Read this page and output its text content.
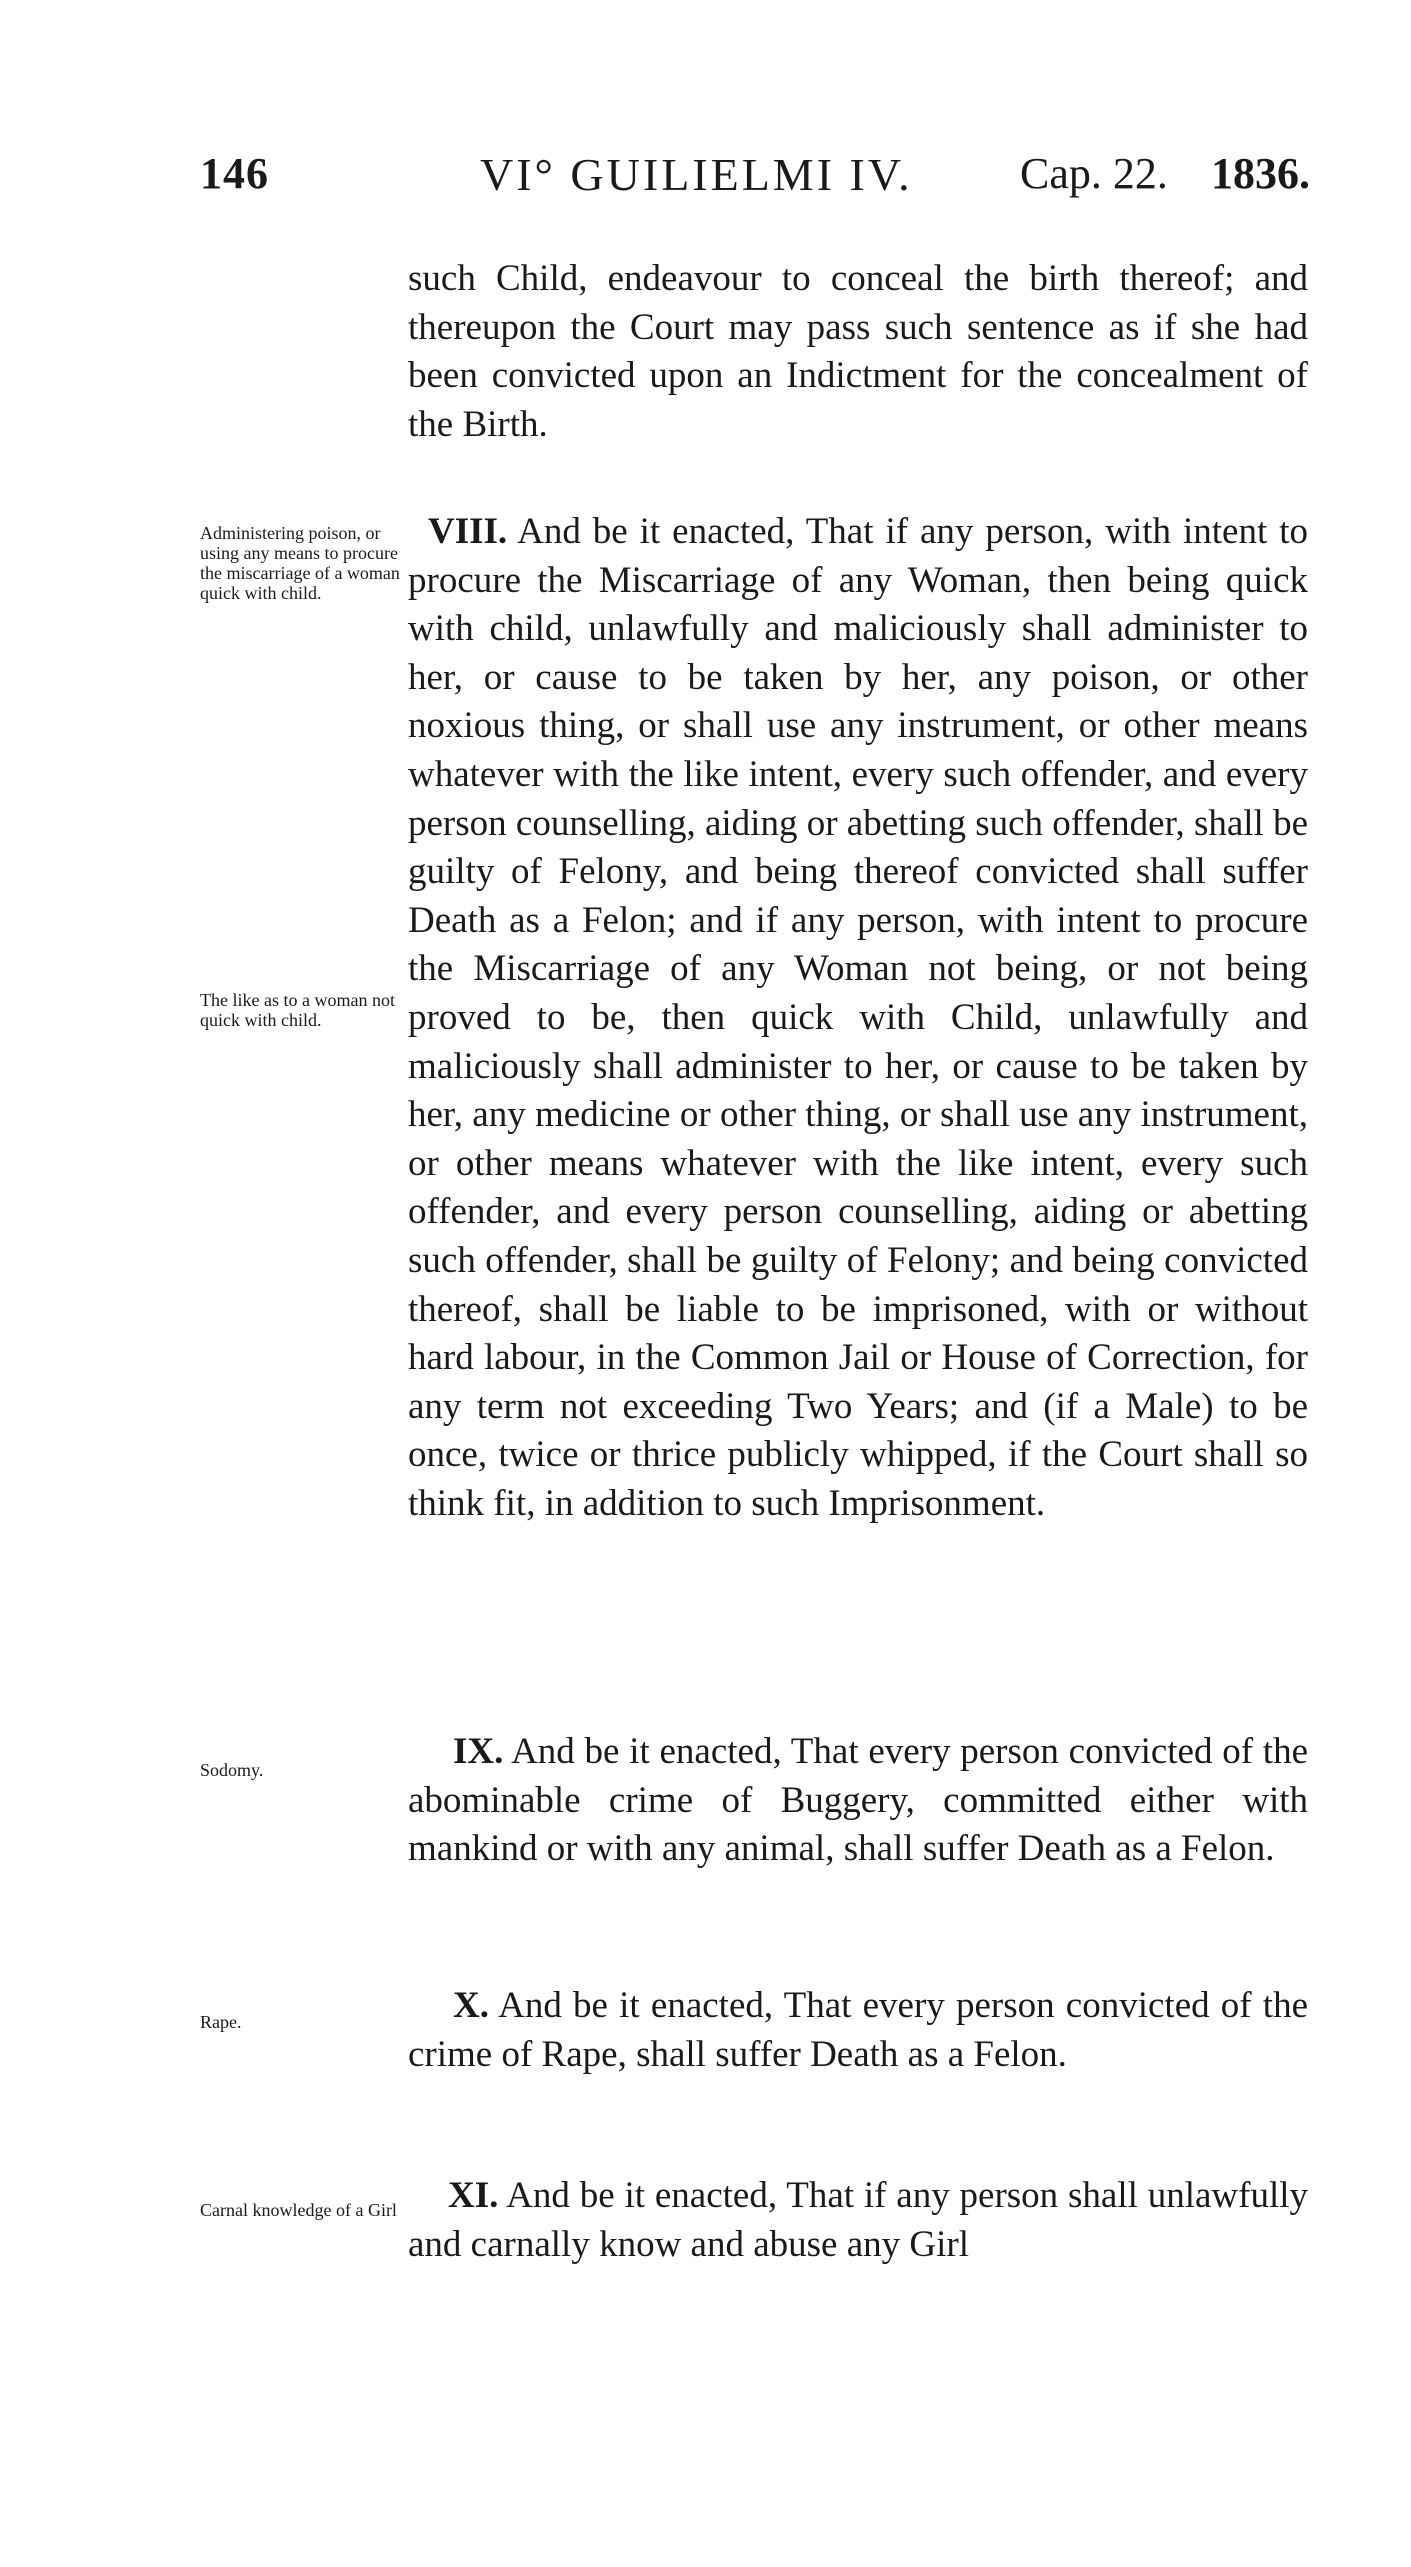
146	VI° GUILIELMI IV. Cap. 22. 1836.
such Child, endeavour to conceal the birth thereof; and thereupon the Court may pass such sentence as if she had been convicted upon an Indictment for the concealment of the Birth.
Administering poison, or using any means to procure the miscarriage of a woman quick with child.
VIII. And be it enacted, That if any person, with intent to procure the Miscarriage of any Woman, then being quick with child, unlawfully and maliciously shall administer to her, or cause to be taken by her, any poison, or other noxious thing, or shall use any instrument, or other means whatever with the like intent, every such offender, and every person counselling, aiding or abetting such offender, shall be guilty of Felony, and being thereof convicted shall suffer Death as a Felon; and if any person, with intent to procure the Miscarriage of any Woman not being, or not being proved to be, then quick with Child, unlawfully and maliciously shall administer to her, or cause to be taken by her, any medicine or other thing, or shall use any instrument, or other means whatever with the like intent, every such offender, and every person counselling, aiding or abetting such offender, shall be guilty of Felony; and being convicted thereof, shall be liable to be imprisoned, with or without hard labour, in the Common Jail or House of Correction, for any term not exceeding Two Years; and (if a Male) to be once, twice or thrice publicly whipped, if the Court shall so think fit, in addition to such Imprisonment.
The like as to a woman not quick with child.
Sodomy.	IX. And be it enacted, That every person convicted of the abominable crime of Buggery, committed either with mankind or with any animal, shall suffer Death as a Felon.
Rape.	X. And be it enacted, That every person convicted of the crime of Rape, shall suffer Death as a Felon.
Carnal knowledge of a Girl	XI. And be it enacted, That if any person shall unlawfully and carnally know and abuse any Girl
